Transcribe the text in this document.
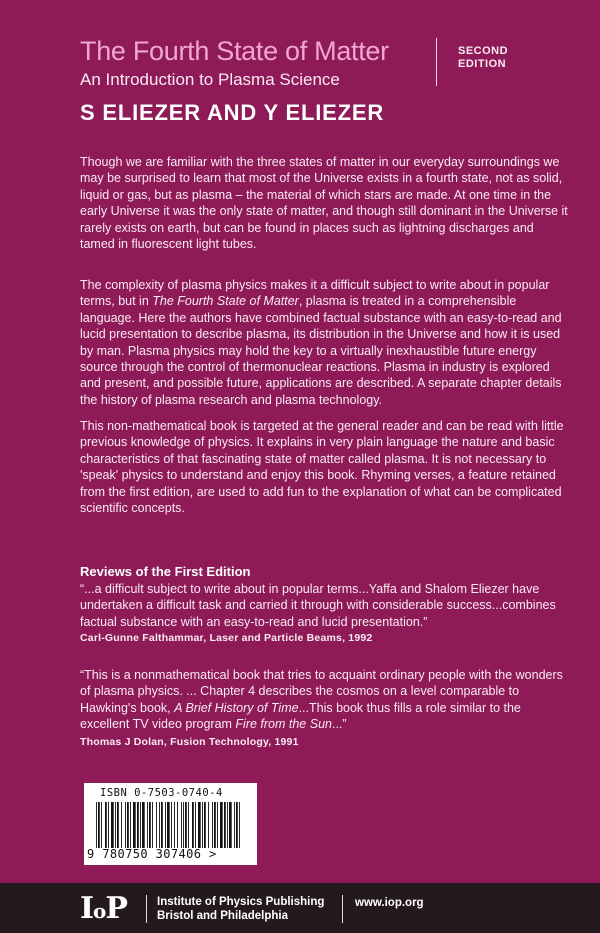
The Fourth State of Matter
An Introduction to Plasma Science
SECOND
EDITION
S ELIEZER AND Y ELIEZER

Though we are familiar with the three states of matter in our everyday surroundings we may be surprised to learn that most of the Universe exists in a fourth state, not as solid, liquid or gas, but as plasma – the material of which stars are made. At one time in the early Universe it was the only state of matter, and though still dominant in the Universe it rarely exists on earth, but can be found in places such as lightning discharges and tamed in fluorescent light tubes.

The complexity of plasma physics makes it a difficult subject to write about in popular terms, but in The Fourth State of Matter, plasma is treated in a comprehensible language. Here the authors have combined factual substance with an easy-to-read and lucid presentation to describe plasma, its distribution in the Universe and how it is used by man. Plasma physics may hold the key to a virtually inexhaustible future energy source through the control of thermonuclear reactions. Plasma in industry is explored and present, and possible future, applications are described. A separate chapter details the history of plasma research and plasma technology.

This non-mathematical book is targeted at the general reader and can be read with little previous knowledge of physics. It explains in very plain language the nature and basic characteristics of that fascinating state of matter called plasma. It is not necessary to 'speak' physics to understand and enjoy this book. Rhyming verses, a feature retained from the first edition, are used to add fun to the explanation of what can be complicated scientific concepts.

Reviews of the First Edition

“...a difficult subject to write about in popular terms...Yaffa and Shalom Eliezer have undertaken a difficult task and carried it through with considerable success...combines factual substance with an easy-to-read and lucid presentation.”

Carl-Gunne Falthammar, Laser and Particle Beams, 1992

“This is a nonmathematical book that tries to acquaint ordinary people with the wonders of plasma physics. ... Chapter 4 describes the cosmos on a level comparable to Hawking's book, A Brief History of Time...This book thus fills a role similar to the excellent TV video program Fire from the Sun...”

Thomas J Dolan, Fusion Technology, 1991
ISBN 0-7503-0740-4
9 780750 307406 >
IoP	Institute of Physics Publishing
Bristol and Philadelphia
www.iop.org
